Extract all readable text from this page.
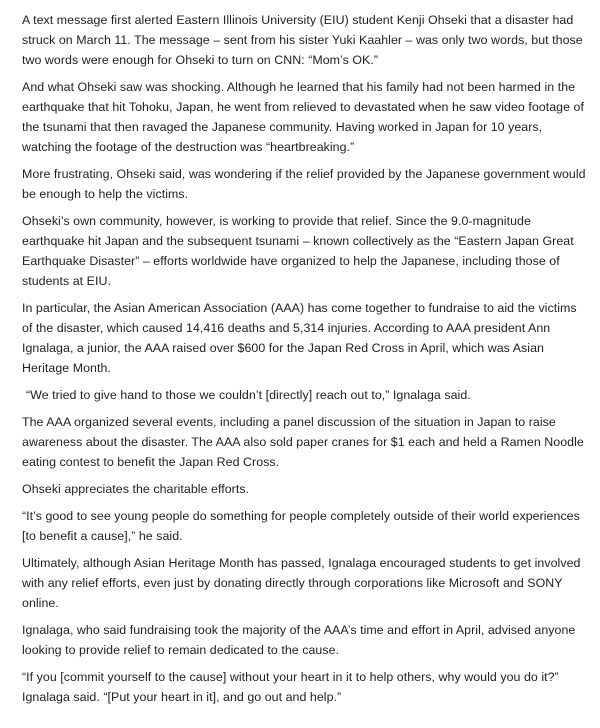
A text message first alerted Eastern Illinois University (EIU) student Kenji Ohseki that a disaster had struck on March 11. The message – sent from his sister Yuki Kaahler – was only two words, but those two words were enough for Ohseki to turn on CNN: “Mom’s OK.”

And what Ohseki saw was shocking. Although he learned that his family had not been harmed in the earthquake that hit Tohoku, Japan, he went from relieved to devastated when he saw video footage of the tsunami that then ravaged the Japanese community. Having worked in Japan for 10 years, watching the footage of the destruction was “heartbreaking.”

More frustrating, Ohseki said, was wondering if the relief provided by the Japanese government would be enough to help the victims.

Ohseki’s own community, however, is working to provide that relief. Since the 9.0-magnitude earthquake hit Japan and the subsequent tsunami – known collectively as the “Eastern Japan Great Earthquake Disaster” – efforts worldwide have organized to help the Japanese, including those of students at EIU.

In particular, the Asian American Association (AAA) has come together to fundraise to aid the victims of the disaster, which caused 14,416 deaths and 5,314 injuries. According to AAA president Ann Ignalaga, a junior, the AAA raised over $600 for the Japan Red Cross in April, which was Asian Heritage Month.

“We tried to give hand to those we couldn’t [directly] reach out to,” Ignalaga said.

The AAA organized several events, including a panel discussion of the situation in Japan to raise awareness about the disaster. The AAA also sold paper cranes for $1 each and held a Ramen Noodle eating contest to benefit the Japan Red Cross.

Ohseki appreciates the charitable efforts.

“It’s good to see young people do something for people completely outside of their world experiences [to benefit a cause],” he said.

Ultimately, although Asian Heritage Month has passed, Ignalaga encouraged students to get involved with any relief efforts, even just by donating directly through corporations like Microsoft and SONY online.

Ignalaga, who said fundraising took the majority of the AAA’s time and effort in April, advised anyone looking to provide relief to remain dedicated to the cause.

“If you [commit yourself to the cause] without your heart in it to help others, why would you do it?” Ignalaga said. “[Put your heart in it], and go out and help.”
